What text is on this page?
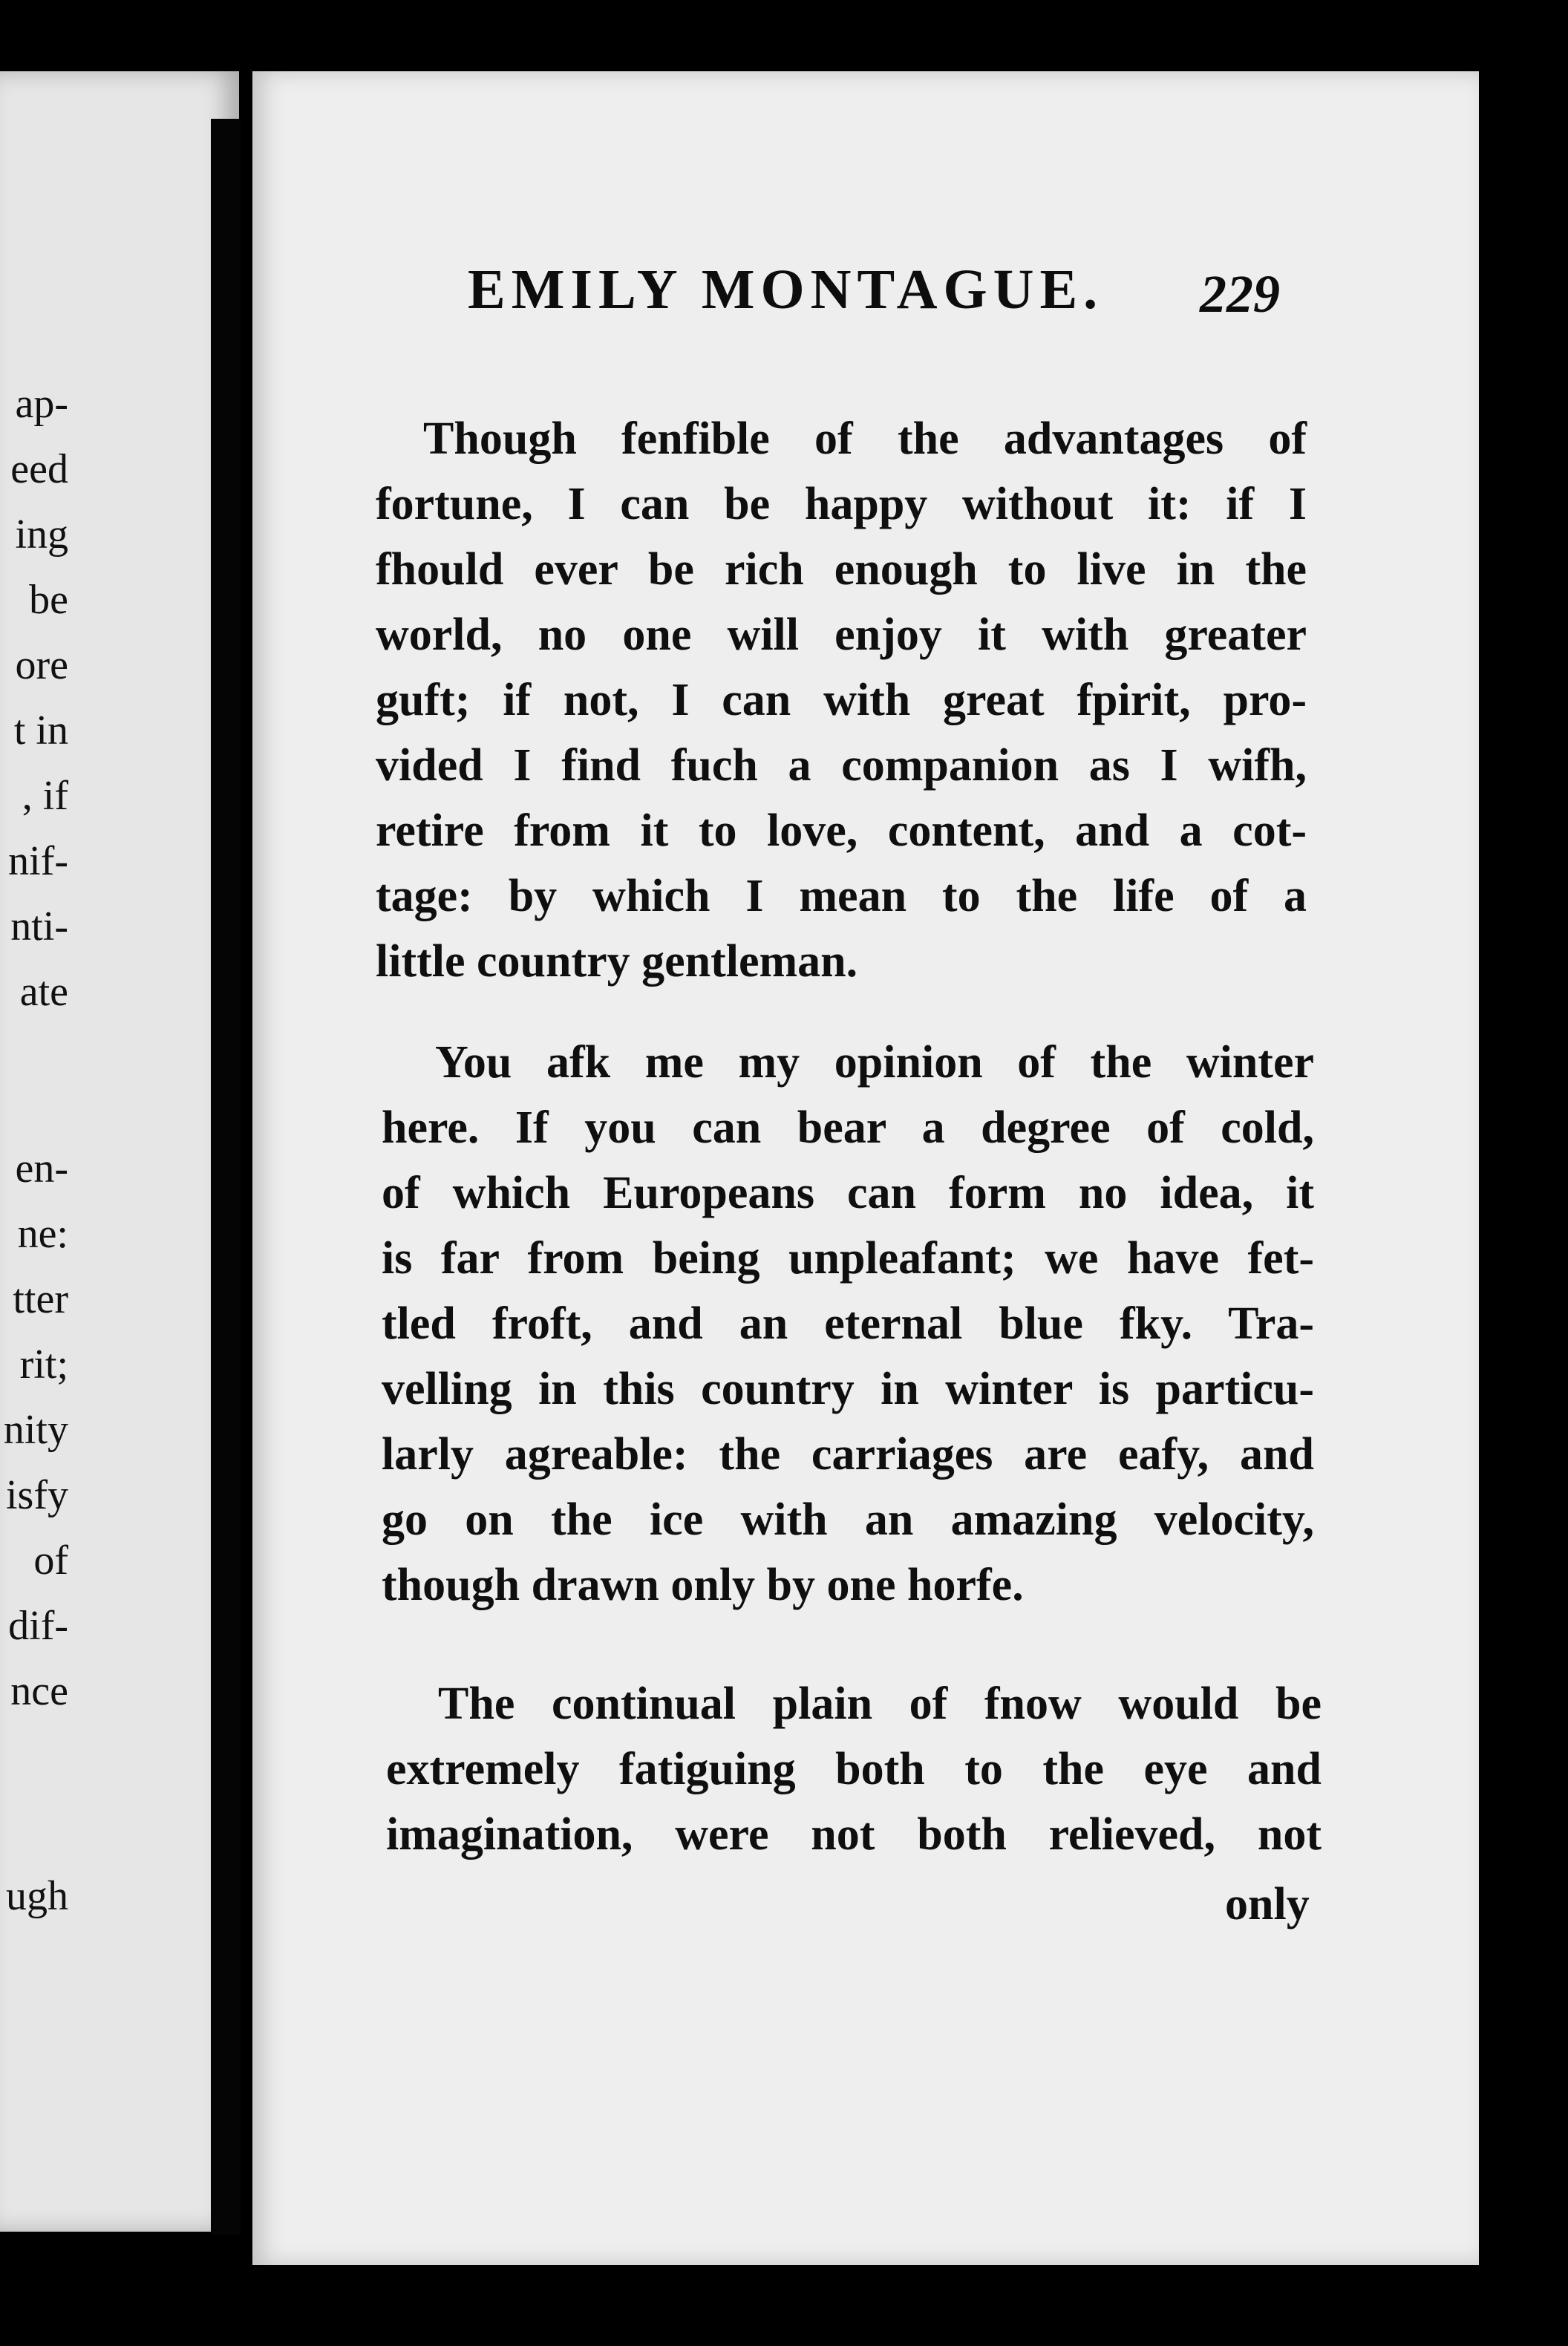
ap-
eed
ing
be
ore
t in
, if
nif-
nti-
ate
en-
ne:
tter
rit;
nity
isfy
of
dif-
nce
ugh
EMILY MONTAGUE. 229
Though fenfible of the advantages of
fortune, I can be happy without it: if I
fhould ever be rich enough to live in the
world, no one will enjoy it with greater
guft; if not, I can with great fpirit, pro-
vided I find fuch a companion as I wifh,
retire from it to love, content, and a cot-
tage: by which I mean to the life of a
little country gentleman.
You afk me my opinion of the winter
here. If you can bear a degree of cold,
of which Europeans can form no idea, it
is far from being unpleafant; we have fet-
tled froft, and an eternal blue fky. Tra-
velling in this country in winter is particu-
larly agreable: the carriages are eafy, and
go on the ice with an amazing velocity,
though drawn only by one horfe.
The continual plain of fnow would be
extremely fatiguing both to the eye and
imagination, were not both relieved, not
only
